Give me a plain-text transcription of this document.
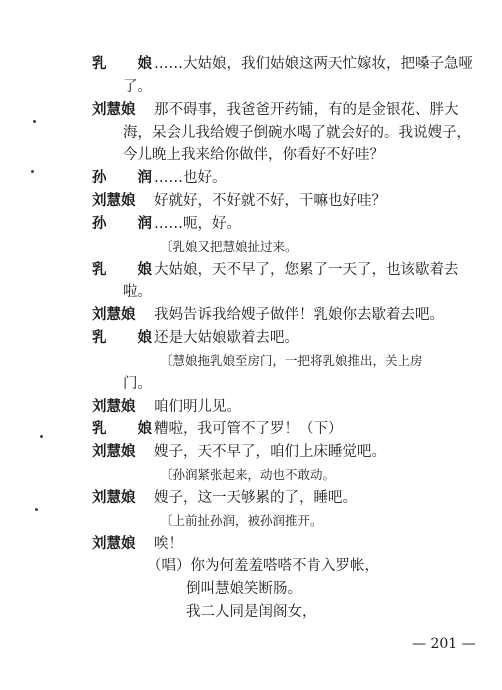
乳 娘
……大姑娘，我们姑娘这两天忙嫁妆，把嗓子急哑
了。
刘慧娘 那不碍事，我爸爸开药铺，有的是金银花、胖大
海，呆会儿我给嫂子倒碗水喝了就会好的。我说嫂子，
今儿晚上我来给你做伴，你看好不好哇？
孙 润
……也好。
刘慧娘 好就好，不好就不好，干嘛也好哇？
孙 润
……呃，好。
〔乳娘又把慧娘扯过来。
乳 娘
大姑娘，天不早了，您累了一天了，也该歇着去
啦。
刘慧娘 我妈告诉我给嫂子做伴！乳娘你去歇着去吧。
乳 娘
还是大姑娘歇着去吧。
〔慧娘拖乳娘至房门，一把将乳娘推出，关上房
门。
刘慧娘 咱们明儿见。
乳 娘
糟啦，我可管不了罗！（下）
刘慧娘 嫂子，天不早了，咱们上床睡觉吧。
〔孙润紧张起来，动也不敢动。
刘慧娘 嫂子，这一天够累的了，睡吧。
〔上前扯孙润，被孙润推开。
刘慧娘 唉！
（唱）你为何羞羞嗒嗒不肯入罗帐，
倒叫慧娘笑断肠。
我二人同是闺阁女，
— 201 —
